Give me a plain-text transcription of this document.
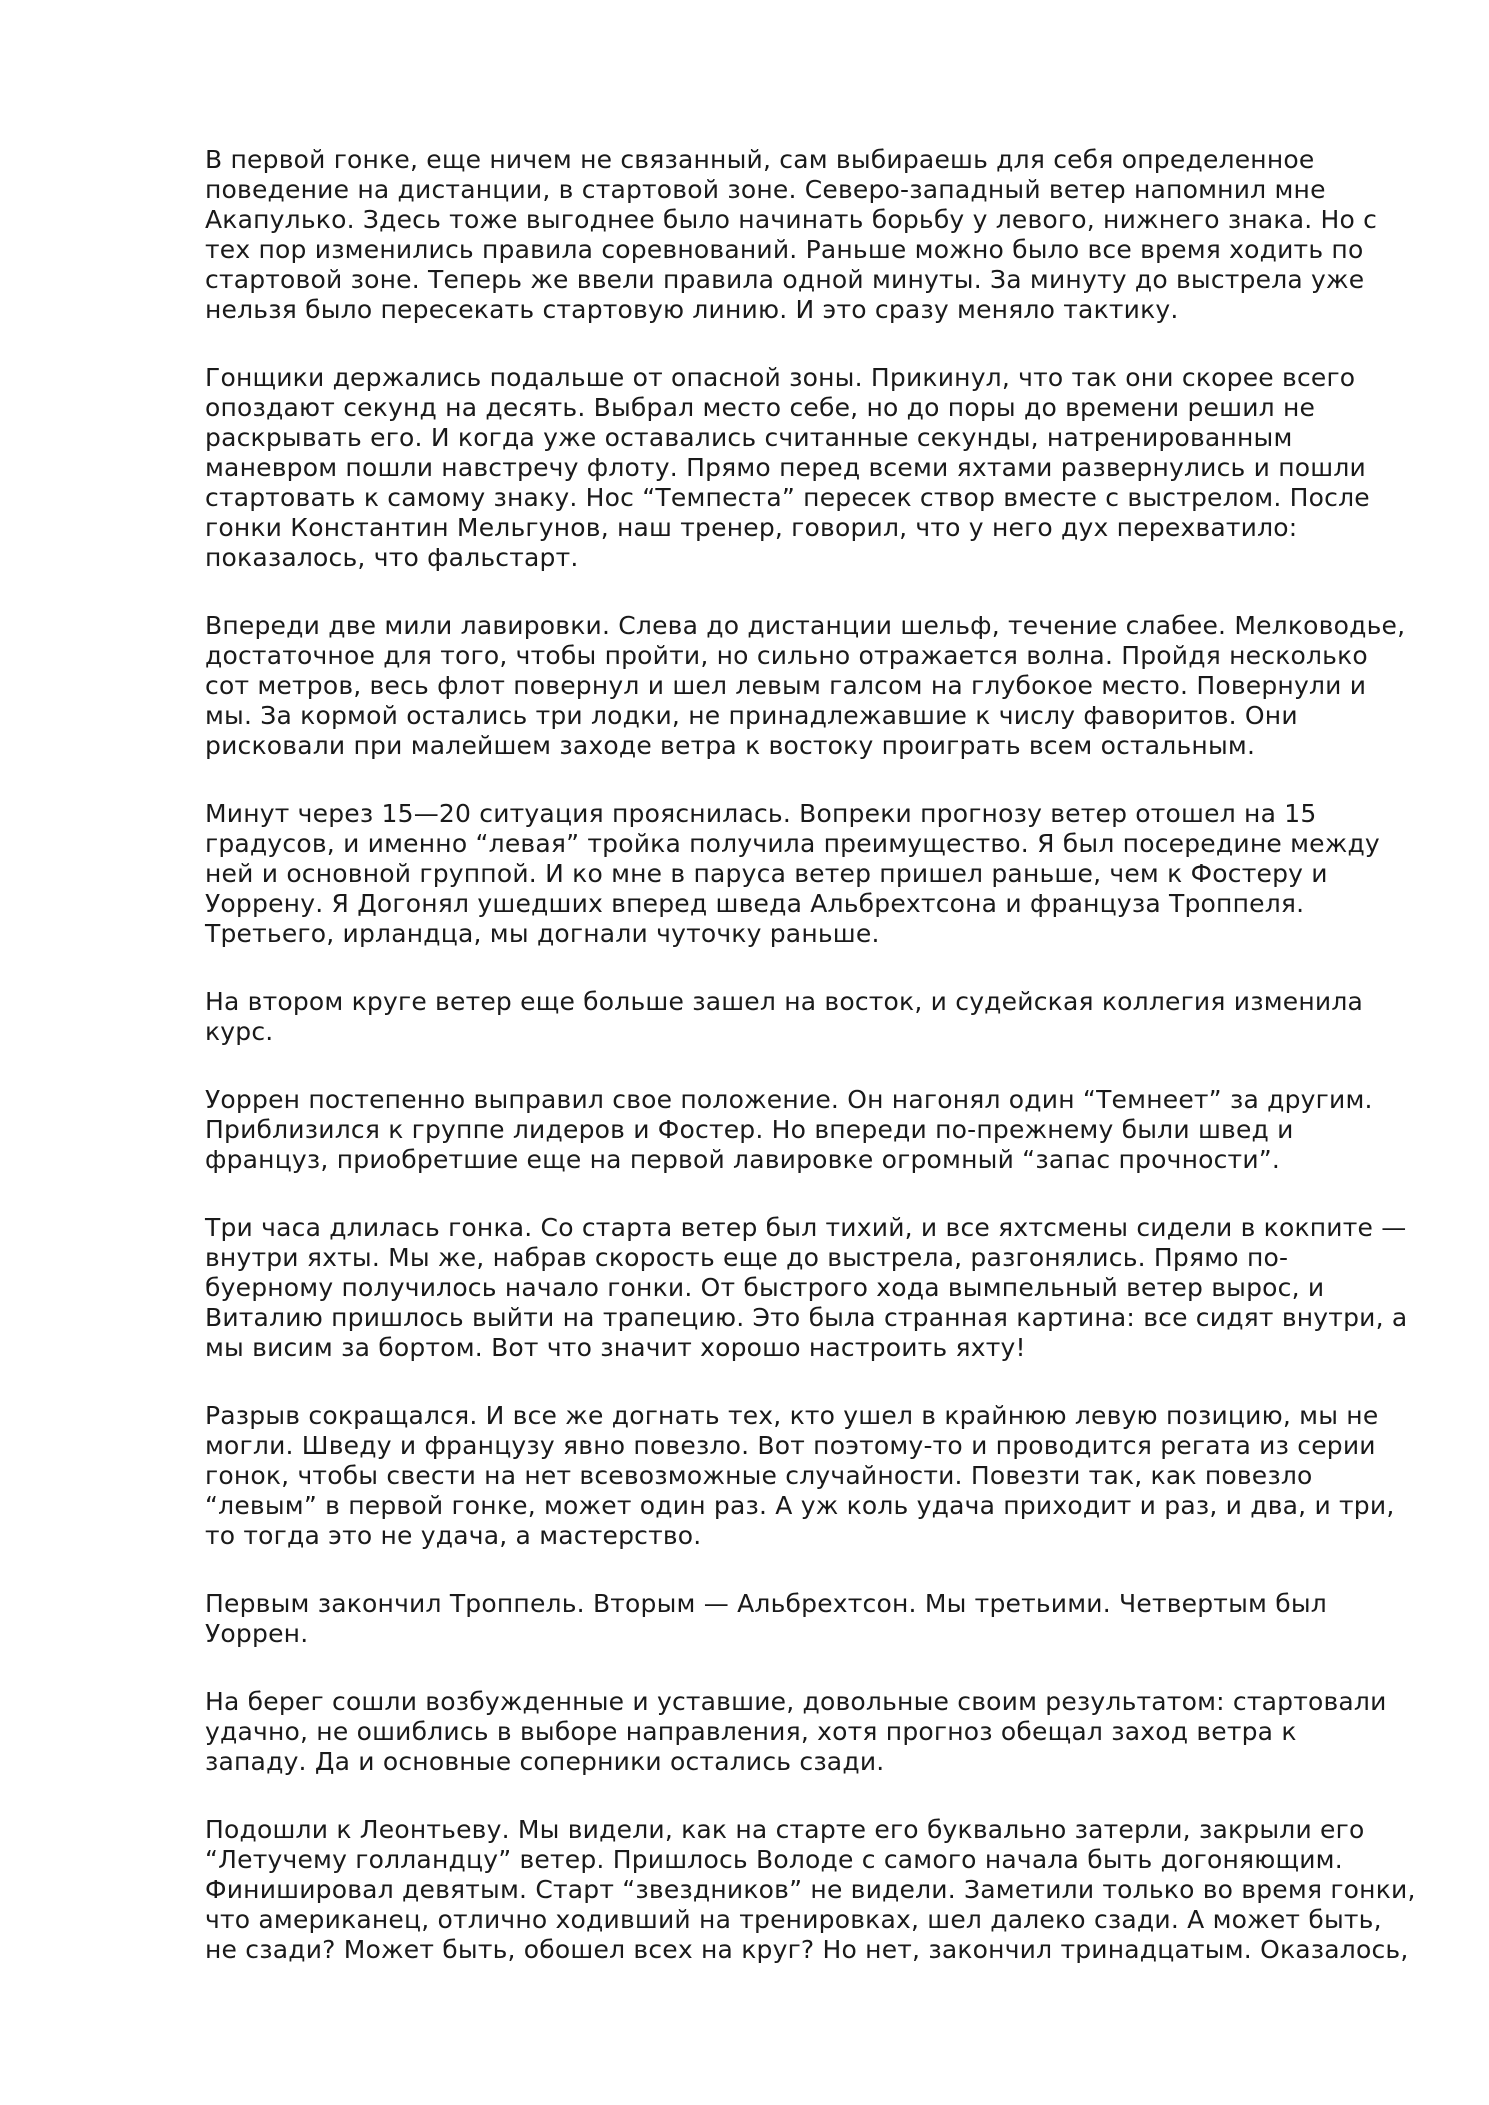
В первой гонке, еще ничем не связанный, сам выбираешь для себя определенное
поведение на дистанции, в стартовой зоне. Северо-западный ветер напомнил мне
Акапулько. Здесь тоже выгоднее было начинать борьбу у левого, нижнего знака. Но с
тех пор изменились правила соревнований. Раньше можно было все время ходить по
стартовой зоне. Теперь же ввели правила одной минуты. За минуту до выстрела уже
нельзя было пересекать стартовую линию. И это сразу меняло тактику.

Гонщики держались подальше от опасной зоны. Прикинул, что так они скорее всего
опоздают секунд на десять. Выбрал место себе, но до поры до времени решил не
раскрывать его. И когда уже оставались считанные секунды, натренированным
маневром пошли навстречу флоту. Прямо перед всеми яхтами развернулись и пошли
стартовать к самому знаку. Нос “Темпеста” пересек створ вместе с выстрелом. После
гонки Константин Мельгунов, наш тренер, говорил, что у него дух перехватило:
показалось, что фальстарт.

Впереди две мили лавировки. Слева до дистанции шельф, течение слабее. Мелководье,
достаточное для того, чтобы пройти, но сильно отражается волна. Пройдя несколько
сот метров, весь флот повернул и шел левым галсом на глубокое место. Повернули и
мы. За кормой остались три лодки, не принадлежавшие к числу фаворитов. Они
рисковали при малейшем заходе ветра к востоку проиграть всем остальным.

Минут через 15—20 ситуация прояснилась. Вопреки прогнозу ветер отошел на 15
градусов, и именно “левая” тройка получила преимущество. Я был посередине между
ней и основной группой. И ко мне в паруса ветер пришел раньше, чем к Фостеру и
Уоррену. Я Догонял ушедших вперед шведа Альбрехтсона и француза Троппеля.
Третьего, ирландца, мы догнали чуточку раньше.

На втором круге ветер еще больше зашел на восток, и судейская коллегия изменила
курс.

Уоррен постепенно выправил свое положение. Он нагонял один “Темнеет” за другим.
Приблизился к группе лидеров и Фостер. Но впереди по-прежнему были швед и
француз, приобретшие еще на первой лавировке огромный “запас прочности”.

Три часа длилась гонка. Со старта ветер был тихий, и все яхтсмены сидели в кокпите —
внутри яхты. Мы же, набрав скорость еще до выстрела, разгонялись. Прямо по-
буерному получилось начало гонки. От быстрого хода вымпельный ветер вырос, и
Виталию пришлось выйти на трапецию. Это была странная картина: все сидят внутри, а
мы висим за бортом. Вот что значит хорошо настроить яхту!

Разрыв сокращался. И все же догнать тех, кто ушел в крайнюю левую позицию, мы не
могли. Шведу и французу явно повезло. Вот поэтому-то и проводится регата из серии
гонок, чтобы свести на нет всевозможные случайности. Повезти так, как повезло
“левым” в первой гонке, может один раз. А уж коль удача приходит и раз, и два, и три,
то тогда это не удача, а мастерство.

Первым закончил Троппель. Вторым — Альбрехтсон. Мы третьими. Четвертым был
Уоррен.

На берег сошли возбужденные и уставшие, довольные своим результатом: стартовали
удачно, не ошиблись в выборе направления, хотя прогноз обещал заход ветра к
западу. Да и основные соперники остались сзади.

Подошли к Леонтьеву. Мы видели, как на старте его буквально затерли, закрыли его
“Летучему голландцу” ветер. Пришлось Володе с самого начала быть догоняющим.
Финишировал девятым. Старт “звездников” не видели. Заметили только во время гонки,
что американец, отлично ходивший на тренировках, шел далеко сзади. А может быть,
не сзади? Может быть, обошел всех на круг? Но нет, закончил тринадцатым. Оказалось,
